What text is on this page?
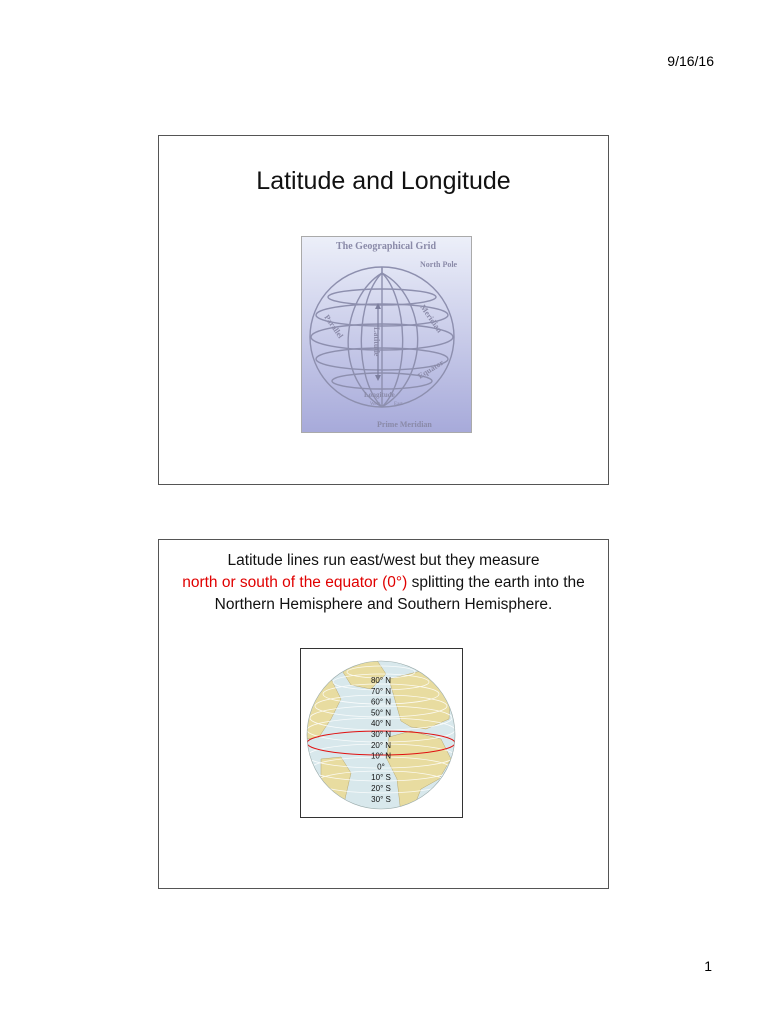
9/16/16
Latitude and Longitude
The Geographical Grid
North Pole
Meridian
Parallel
Latitude
Equator
Longitude
West	East
Prime Meridian
Latitude lines run east/west but they measure
north or south of the equator (0°) splitting the earth into the Northern Hemisphere and Southern Hemisphere.
80° N
70° N
60° N
50° N
40° N
30° N
20° N
10° N
0°
10° S
20° S
30° S
1
